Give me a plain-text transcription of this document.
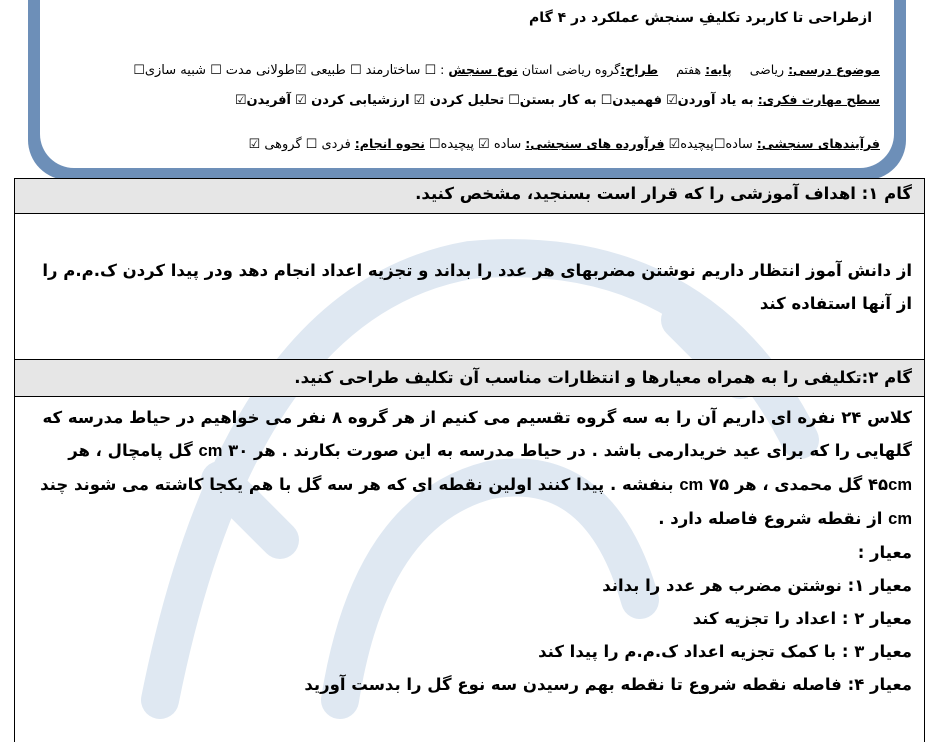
ازطراحی تا کاربرد تکلیفِ سنجش عملکرد در ۴ گام
موضوع درسی: ریاضی  پایه: هفتم  طراح:گروه ریاضی استان نوع سنجش : ☐ ساختارمند ☐ طبیعی ☑طولانی مدت ☐ شبیه سازی☐
سطح مهارت فکری: به یاد آوردن☑ فهمیدن☐ به کار بستن☐ تحلیل کردن ☑ ارزشیابی کردن ☑ آفریدن☑
فرآیندهای سنجشی: ساده☐پیچیده☑ فرآورده های سنجشی: ساده ☑ پیچیده☐ نحوه انجام: فردی ☐ گروهی ☑
گام ۱: اهداف آموزشی را که قرار است بسنجید، مشخص کنید.
از دانش آموز انتظار داریم نوشتن مضربهای هر عدد را بداند و تجزیه اعداد انجام دهد ودر پیدا کردن ک.م.م را از آنها استفاده کند
گام ۲:تکلیفی را به همراه معیارها و انتظارات مناسب آن تکلیف طراحی کنید.
کلاس ۲۴ نفره ای داریم آن را به سه گروه تقسیم می کنیم از هر گروه ۸ نفر می خواهیم در حیاط مدرسه که
گلهایی را که برای عید خریدارمی باشد . در حیاط مدرسه به این صورت بکارند . هر ۳۰ cm گل پامچال ، هر
۴۵cm گل محمدی ، هر ۷۵ cm بنفشه . پیدا کنند اولین نقطه ای که هر سه گل با هم یکجا کاشته می شوند چند
cm از نقطه شروع فاصله دارد .
معیار :
معیار ۱: نوشتن مضرب هر عدد را بداند
معیار ۲ : اعداد را تجزیه کند
معیار ۳ : با کمک تجزیه اعداد ک.م.م را پیدا کند
معیار ۴: فاصله نقطه شروع تا نقطه بهم رسیدن سه نوع گل را بدست آورید
